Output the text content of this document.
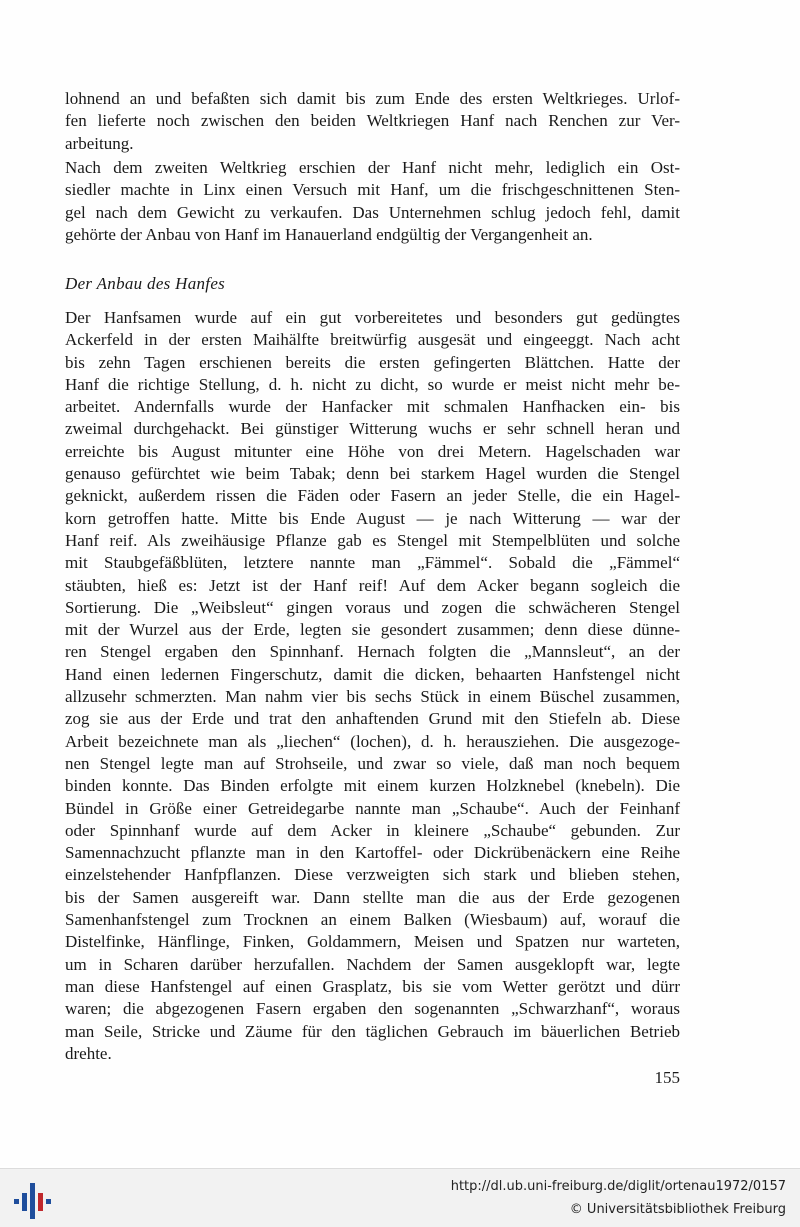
lohnend an und befaßten sich damit bis zum Ende des ersten Weltkrieges. Urlof-
fen lieferte noch zwischen den beiden Weltkriegen Hanf nach Renchen zur Ver-
arbeitung.
Nach dem zweiten Weltkrieg erschien der Hanf nicht mehr, lediglich ein Ost-
siedler machte in Linx einen Versuch mit Hanf, um die frischgeschnittenen Sten-
gel nach dem Gewicht zu verkaufen. Das Unternehmen schlug jedoch fehl, damit
gehörte der Anbau von Hanf im Hanauerland endgültig der Vergangenheit an.
Der Anbau des Hanfes
Der Hanfsamen wurde auf ein gut vorbereitetes und besonders gut gedüngtes
Ackerfeld in der ersten Maihälfte breitwürfig ausgesät und eingeeggt. Nach acht
bis zehn Tagen erschienen bereits die ersten gefingerten Blättchen. Hatte der
Hanf die richtige Stellung, d. h. nicht zu dicht, so wurde er meist nicht mehr be-
arbeitet. Andernfalls wurde der Hanfacker mit schmalen Hanfhacken ein- bis
zweimal durchgehackt. Bei günstiger Witterung wuchs er sehr schnell heran und
erreichte bis August mitunter eine Höhe von drei Metern. Hagelschaden war
genauso gefürchtet wie beim Tabak; denn bei starkem Hagel wurden die Stengel
geknickt, außerdem rissen die Fäden oder Fasern an jeder Stelle, die ein Hagel-
korn getroffen hatte. Mitte bis Ende August — je nach Witterung — war der
Hanf reif. Als zweihäusige Pflanze gab es Stengel mit Stempelblüten und solche
mit Staubgefäßblüten, letztere nannte man „Fämmel“. Sobald die „Fämmel“
stäubten, hieß es: Jetzt ist der Hanf reif! Auf dem Acker begann sogleich die
Sortierung. Die „Weibsleut“ gingen voraus und zogen die schwächeren Stengel
mit der Wurzel aus der Erde, legten sie gesondert zusammen; denn diese dünne-
ren Stengel ergaben den Spinnhanf. Hernach folgten die „Mannsleut“, an der
Hand einen ledernen Fingerschutz, damit die dicken, behaarten Hanfstengel nicht
allzusehr schmerzten. Man nahm vier bis sechs Stück in einem Büschel zusammen,
zog sie aus der Erde und trat den anhaftenden Grund mit den Stiefeln ab. Diese
Arbeit bezeichnete man als „liechen“ (lochen), d. h. herausziehen. Die ausgezoge-
nen Stengel legte man auf Strohseile, und zwar so viele, daß man noch bequem
binden konnte. Das Binden erfolgte mit einem kurzen Holzknebel (knebeln). Die
Bündel in Größe einer Getreidegarbe nannte man „Schaube“. Auch der Feinhanf
oder Spinnhanf wurde auf dem Acker in kleinere „Schaube“ gebunden. Zur
Samennachzucht pflanzte man in den Kartoffel- oder Dickrübenäckern eine Reihe
einzelstehender Hanfpflanzen. Diese verzweigten sich stark und blieben stehen,
bis der Samen ausgereift war. Dann stellte man die aus der Erde gezogenen
Samenhanfstengel zum Trocknen an einem Balken (Wiesbaum) auf, worauf die
Distelfinke, Hänflinge, Finken, Goldammern, Meisen und Spatzen nur warteten,
um in Scharen darüber herzufallen. Nachdem der Samen ausgeklopft war, legte
man diese Hanfstengel auf einen Grasplatz, bis sie vom Wetter gerötzt und dürr
waren; die abgezogenen Fasern ergaben den sogenannten „Schwarzhanf“, woraus
man Seile, Stricke und Zäume für den täglichen Gebrauch im bäuerlichen Betrieb
drehte.
155
http://dl.ub.uni-freiburg.de/diglit/ortenau1972/0157
© Universitätsbibliothek Freiburg
